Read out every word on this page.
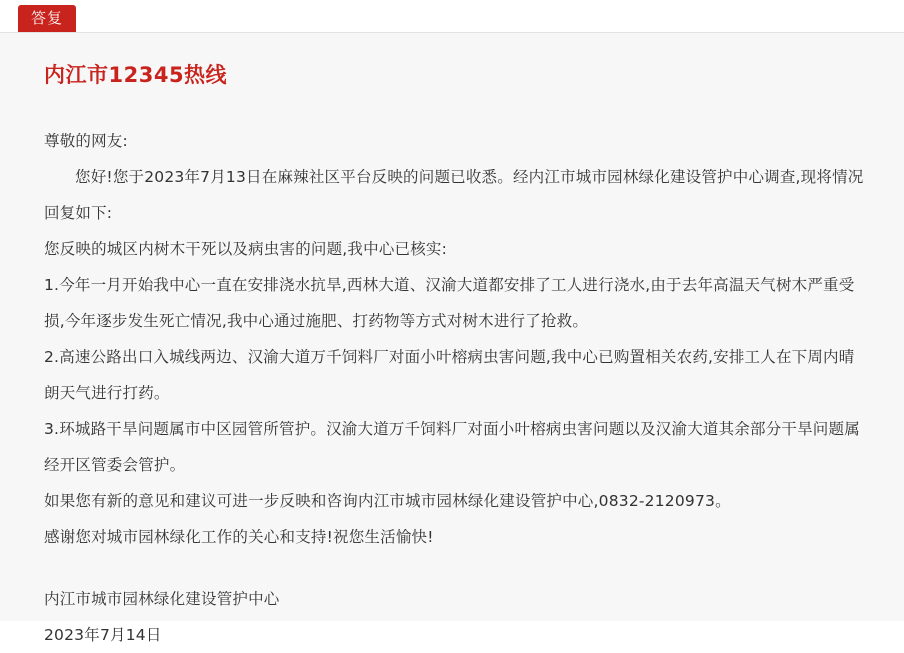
答复
内江市12345热线

尊敬的网友:

您好!您于2023年7月13日在麻辣社区平台反映的问题已收悉。经内江市城市园林绿化建设管护中心调查,现将情况回复如下:

您反映的城区内树木干死以及病虫害的问题,我中心已核实:

1.今年一月开始我中心一直在安排浇水抗旱,西林大道、汉渝大道都安排了工人进行浇水,由于去年高温天气树木严重受损,今年逐步发生死亡情况,我中心通过施肥、打药物等方式对树木进行了抢救。

2.高速公路出口入城线两边、汉渝大道万千饲料厂对面小叶榕病虫害问题,我中心已购置相关农药,安排工人在下周内晴朗天气进行打药。

3.环城路干旱问题属市中区园管所管护。汉渝大道万千饲料厂对面小叶榕病虫害问题以及汉渝大道其余部分干旱问题属经开区管委会管护。

如果您有新的意见和建议可进一步反映和咨询内江市城市园林绿化建设管护中心,0832-2120973。

感谢您对城市园林绿化工作的关心和支持!祝您生活愉快!

内江市城市园林绿化建设管护中心

2023年7月14日
